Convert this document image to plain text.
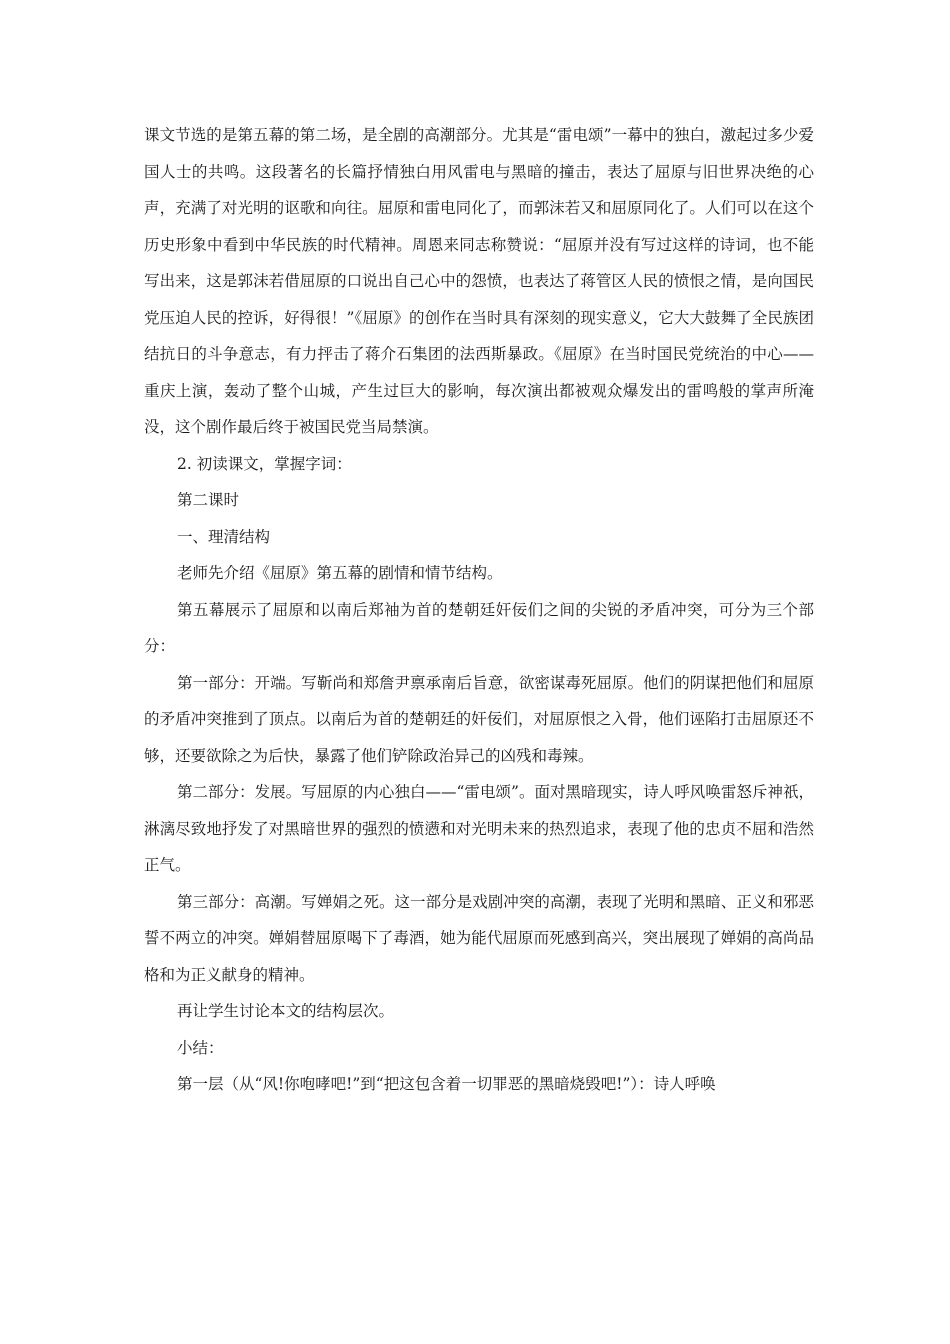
课文节选的是第五幕的第二场，是全剧的高潮部分。尤其是“雷电颂”一幕中的独白，激起过多少爱国人士的共鸣。这段著名的长篇抒情独白用风雷电与黑暗的撞击，表达了屈原与旧世界决绝的心声，充满了对光明的讴歌和向往。屈原和雷电同化了，而郭沫若又和屈原同化了。人们可以在这个历史形象中看到中华民族的时代精神。周恩来同志称赞说：“屈原并没有写过这样的诗词，也不能写出来，这是郭沫若借屈原的口说出自己心中的怨愤，也表达了蒋管区人民的愤恨之情，是向国民党压迫人民的控诉，好得很！”《屈原》的创作在当时具有深刻的现实意义，它大大鼓舞了全民族团结抗日的斗争意志，有力抨击了蒋介石集团的法西斯暴政。《屈原》在当时国民党统治的中心——重庆上演，轰动了整个山城，产生过巨大的影响，每次演出都被观众爆发出的雷鸣般的掌声所淹没，这个剧作最后终于被国民党当局禁演。

2. 初读课文，掌握字词：

第二课时

一、理清结构

老师先介绍《屈原》第五幕的剧情和情节结构。

第五幕展示了屈原和以南后郑袖为首的楚朝廷奸佞们之间的尖锐的矛盾冲突，可分为三个部分：

第一部分：开端。写靳尚和郑詹尹禀承南后旨意，欲密谋毒死屈原。他们的阴谋把他们和屈原的矛盾冲突推到了顶点。以南后为首的楚朝廷的奸佞们，对屈原恨之入骨，他们诬陷打击屈原还不够，还要欲除之为后快，暴露了他们铲除政治异己的凶残和毒辣。

第二部分：发展。写屈原的内心独白——“雷电颂”。面对黑暗现实，诗人呼风唤雷怒斥神祇，淋漓尽致地抒发了对黑暗世界的强烈的愤懑和对光明未来的热烈追求，表现了他的忠贞不屈和浩然正气。

第三部分：高潮。写婵娟之死。这一部分是戏剧冲突的高潮，表现了光明和黑暗、正义和邪恶誓不两立的冲突。婵娟替屈原喝下了毒酒，她为能代屈原而死感到高兴，突出展现了婵娟的高尚品格和为正义献身的精神。

再让学生讨论本文的结构层次。

小结：

第一层（从“风!你咆哮吧!”到“把这包含着一切罪恶的黑暗烧毁吧!”）：诗人呼唤
